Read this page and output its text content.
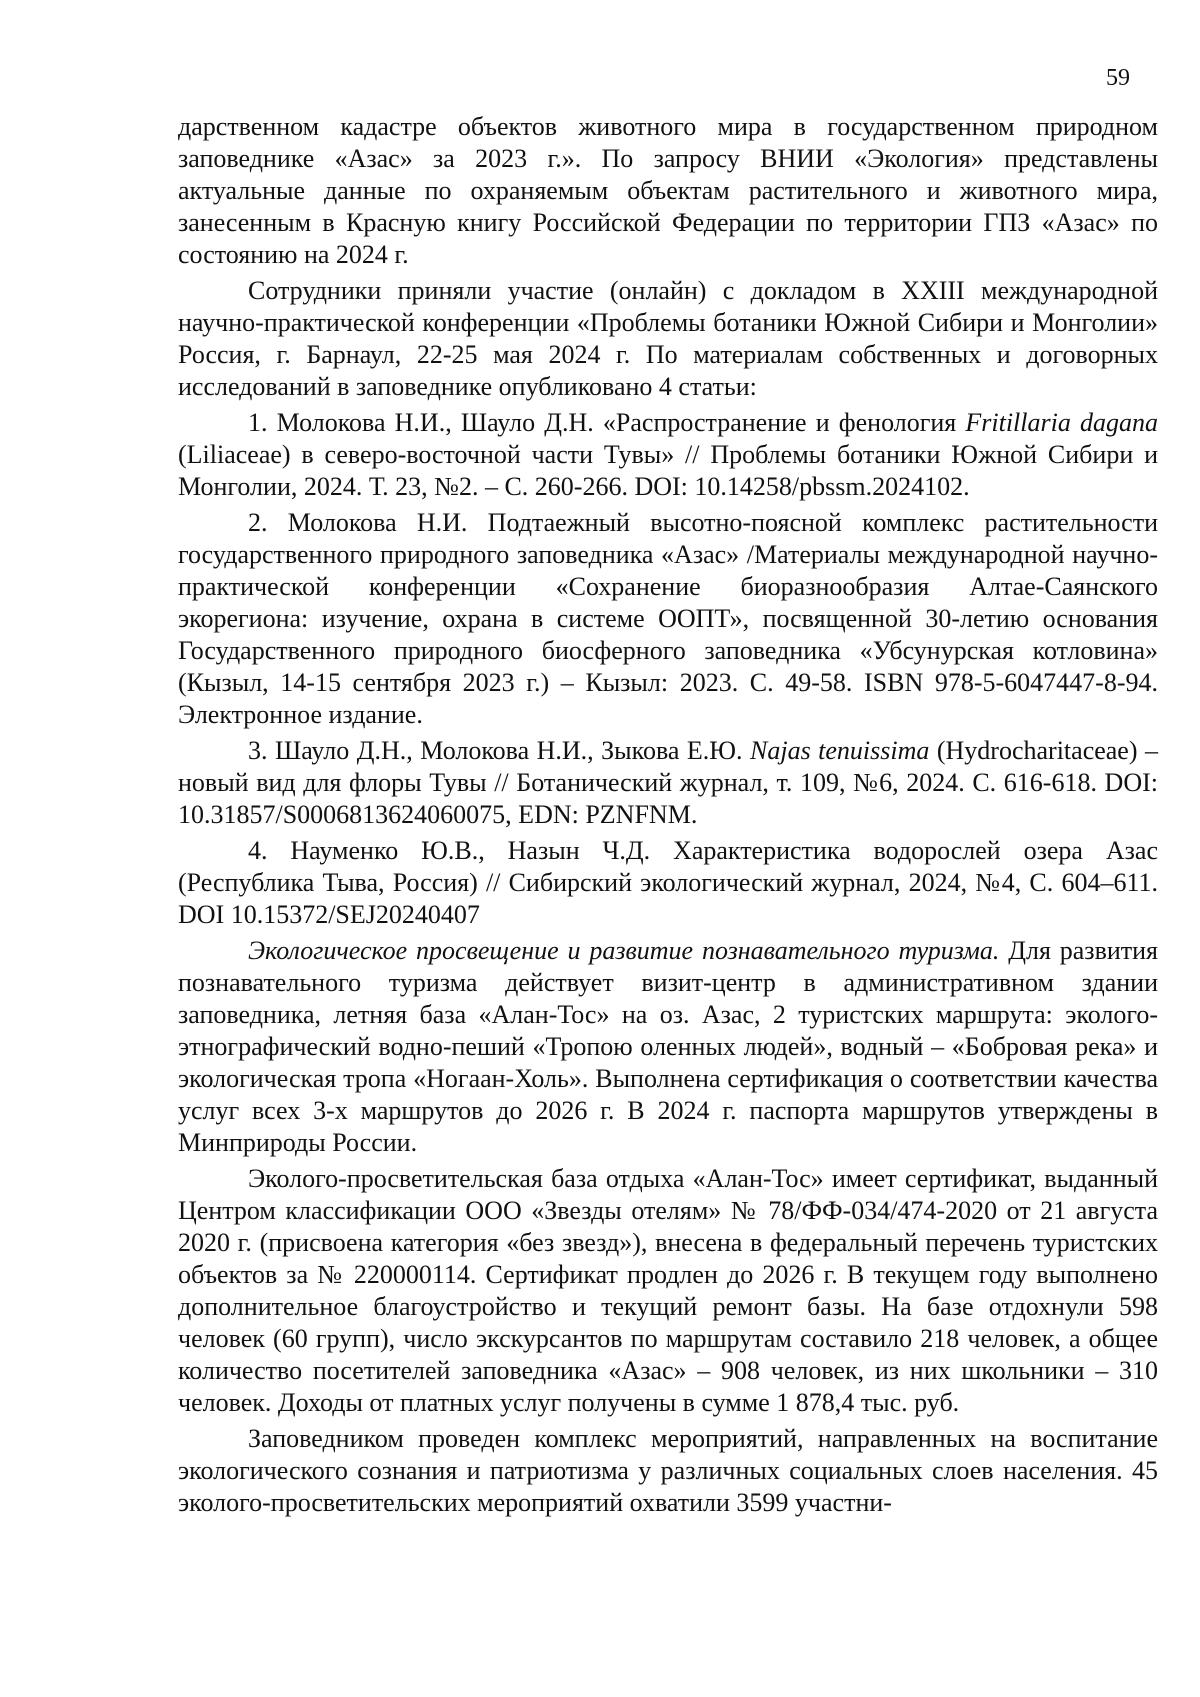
59

дарственном кадастре объектов животного мира в государственном природном заповеднике «Азас» за 2023 г.». По запросу ВНИИ «Экология» представлены актуальные данные по охраняемым объектам растительного и животного мира, занесенным в Красную книгу Российской Федерации по территории ГПЗ «Азас» по состоянию на 2024 г.

Сотрудники приняли участие (онлайн) с докладом в XXIII международной научно-практической конференции «Проблемы ботаники Южной Сибири и Монголии» Россия, г. Барнаул, 22-25 мая 2024 г. По материалам собственных и договорных исследований в заповеднике опубликовано 4 статьи:

1. Молокова Н.И., Шауло Д.Н. «Распространение и фенология Fritillaria dagana (Liliaceae) в северо-восточной части Тувы» // Проблемы ботаники Южной Сибири и Монголии, 2024. Т. 23, №2. – С. 260-266. DOI: 10.14258/pbssm.2024102.

2. Молокова Н.И. Подтаежный высотно-поясной комплекс растительности государственного природного заповедника «Азас» /Материалы международной научно-практической конференции «Сохранение биоразнообразия Алтае-Саянского экорегиона: изучение, охрана в системе ООПТ», посвященной 30-летию основания Государственного природного биосферного заповедника «Убсунурская котловина» (Кызыл, 14-15 сентября 2023 г.) – Кызыл: 2023. С. 49-58. ISBN 978-5-6047447-8-94. Электронное издание.

3. Шауло Д.Н., Молокова Н.И., Зыкова Е.Ю. Najas tenuissima (Hydrocharitaceae) – новый вид для флоры Тувы // Ботанический журнал, т. 109, №6, 2024. С. 616-618. DOI: 10.31857/S0006813624060075, EDN: PZNFNM.

4. Науменко Ю.В., Назын Ч.Д. Характеристика водорослей озера Азас (Республика Тыва, Россия) // Сибирский экологический журнал, 2024, №4, С. 604–611. DOI 10.15372/SEJ20240407

Экологическое просвещение и развитие познавательного туризма. Для развития познавательного туризма действует визит-центр в административном здании заповедника, летняя база «Алан-Тос» на оз. Азас, 2 туристских маршрута: эколого-этнографический водно-пеший «Тропою оленных людей», водный – «Бобровая река» и экологическая тропа «Ногаан-Холь». Выполнена сертификация о соответствии качества услуг всех 3-х маршрутов до 2026 г. В 2024 г. паспорта маршрутов утверждены в Минприроды России.

Эколого-просветительская база отдыха «Алан-Тос» имеет сертификат, выданный Центром классификации ООО «Звезды отелям» № 78/ФФ-034/474-2020 от 21 августа 2020 г. (присвоена категория «без звезд»), внесена в федеральный перечень туристских объектов за № 220000114. Сертификат продлен до 2026 г. В текущем году выполнено дополнительное благоустройство и текущий ремонт базы. На базе отдохнули 598 человек (60 групп), число экскурсантов по маршрутам составило 218 человек, а общее количество посетителей заповедника «Азас» – 908 человек, из них школьники – 310 человек. Доходы от платных услуг получены в сумме 1 878,4 тыс. руб.

Заповедником проведен комплекс мероприятий, направленных на воспитание экологического сознания и патриотизма у различных социальных слоев населения. 45 эколого-просветительских мероприятий охватили 3599 участни-
